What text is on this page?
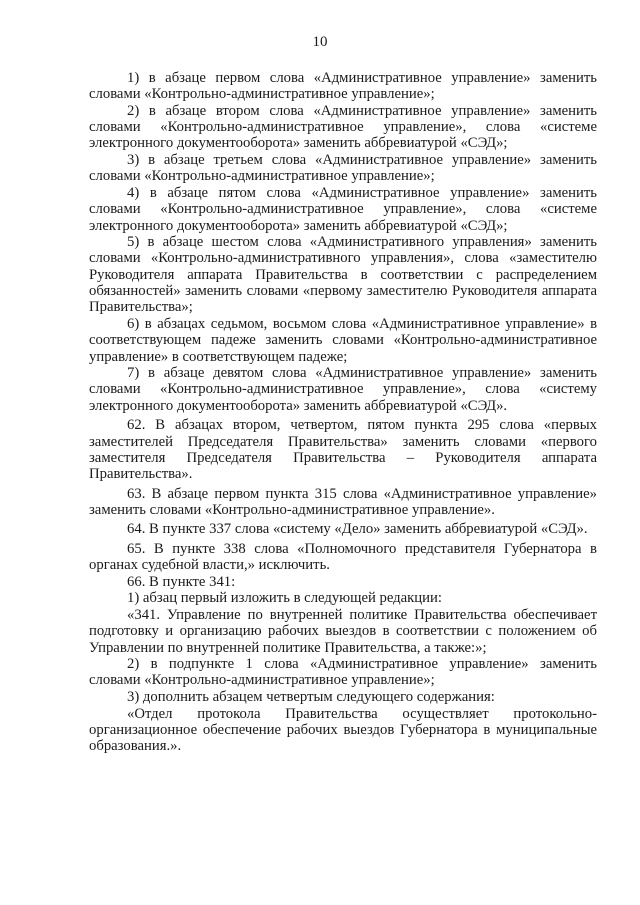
10

1) в абзаце первом слова «Административное управление» заменить словами «Контрольно-административное управление»;

2) в абзаце втором слова «Административное управление» заменить словами «Контрольно-административное управление», слова «системе электронного документооборота» заменить аббревиатурой «СЭД»;

3) в абзаце третьем слова «Административное управление» заменить словами «Контрольно-административное управление»;

4) в абзаце пятом слова «Административное управление» заменить словами «Контрольно-административное управление», слова «системе электронного документооборота» заменить аббревиатурой «СЭД»;

5) в абзаце шестом слова «Административного управления» заменить словами «Контрольно-административного управления», слова «заместителю Руководителя аппарата Правительства в соответствии с распределением обязанностей» заменить словами «первому заместителю Руководителя аппарата Правительства»;

6) в абзацах седьмом, восьмом слова «Административное управление» в соответствующем падеже заменить словами «Контрольно-административное управление» в соответствующем падеже;

7) в абзаце девятом слова «Административное управление» заменить словами «Контрольно-административное управление», слова «систему электронного документооборота» заменить аббревиатурой «СЭД».

62. В абзацах втором, четвертом, пятом пункта 295 слова «первых заместителей Председателя Правительства» заменить словами «первого заместителя Председателя Правительства – Руководителя аппарата Правительства».

63. В абзаце первом пункта 315 слова «Административное управление» заменить словами «Контрольно-административное управление».

64. В пункте 337 слова «систему «Дело» заменить аббревиатурой «СЭД».

65. В пункте 338 слова «Полномочного представителя Губернатора в органах судебной власти,» исключить.

66. В пункте 341:

1) абзац первый изложить в следующей редакции:

«341. Управление по внутренней политике Правительства обеспечивает подготовку и организацию рабочих выездов в соответствии с положением об Управлении по внутренней политике Правительства, а также:»;

2) в подпункте 1 слова «Административное управление» заменить словами «Контрольно-административное управление»;

3) дополнить абзацем четвертым следующего содержания:

«Отдел протокола Правительства осуществляет протокольно-организационное обеспечение рабочих выездов Губернатора в муниципальные образования.».
